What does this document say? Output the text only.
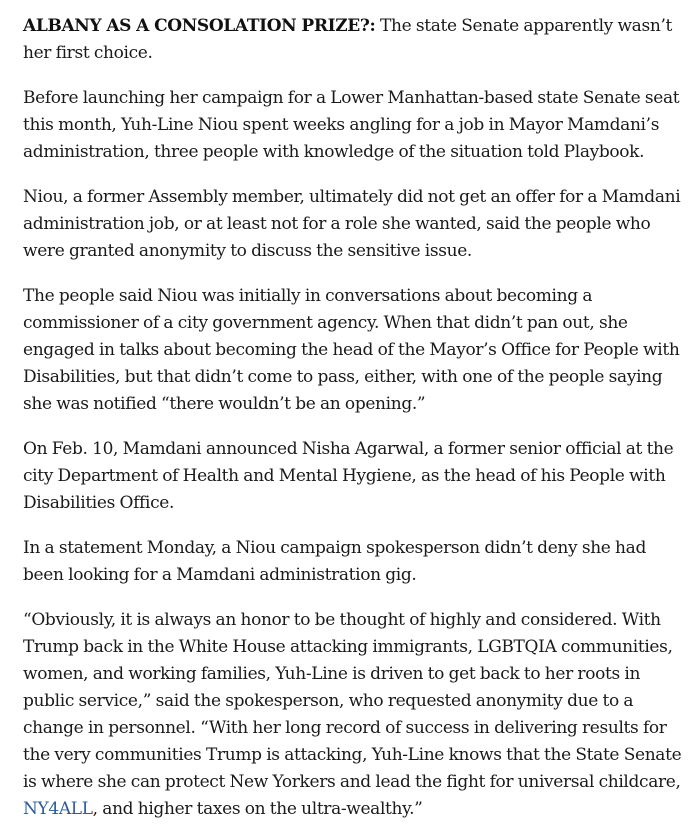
ALBANY AS A CONSOLATION PRIZE?: The state Senate apparently wasn’t her first choice.

Before launching her campaign for a Lower Manhattan-based state Senate seat this month, Yuh-Line Niou spent weeks angling for a job in Mayor Mamdani’s administration, three people with knowledge of the situation told Playbook.

Niou, a former Assembly member, ultimately did not get an offer for a Mamdani administration job, or at least not for a role she wanted, said the people who were granted anonymity to discuss the sensitive issue.

The people said Niou was initially in conversations about becoming a commissioner of a city government agency. When that didn’t pan out, she engaged in talks about becoming the head of the Mayor’s Office for People with Disabilities, but that didn’t come to pass, either, with one of the people saying she was notified “there wouldn’t be an opening.”

On Feb. 10, Mamdani announced Nisha Agarwal, a former senior official at the city Department of Health and Mental Hygiene, as the head of his People with Disabilities Office.

In a statement Monday, a Niou campaign spokesperson didn’t deny she had been looking for a Mamdani administration gig.

“Obviously, it is always an honor to be thought of highly and considered. With Trump back in the White House attacking immigrants, LGBTQIA communities, women, and working families, Yuh-Line is driven to get back to her roots in public service,” said the spokesperson, who requested anonymity due to a change in personnel. “With her long record of success in delivering results for the very communities Trump is attacking, Yuh-Line knows that the State Senate is where she can protect New Yorkers and lead the fight for universal childcare, NY4ALL, and higher taxes on the ultra-wealthy.”
